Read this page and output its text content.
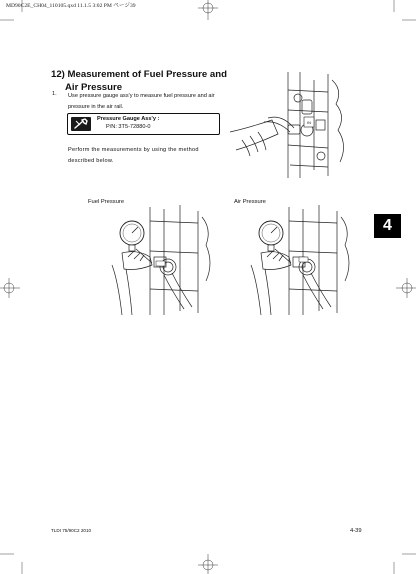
MD90C2E_CH04_110105.qxd 11.1.5 3:02 PM ページ39
12) Measurement of Fuel Pressure and
Air Pressure
1. Use pressure gauge ass'y to measure fuel pressure and air pressure in the air rail.
Pressure Gauge Ass'y :
P/N: 3T5-72880-0
Perform the measurements by using the method described below.
IN
Fuel Pressure	Air Pressure
4
TLDI 75/90C2 2010	4-39
